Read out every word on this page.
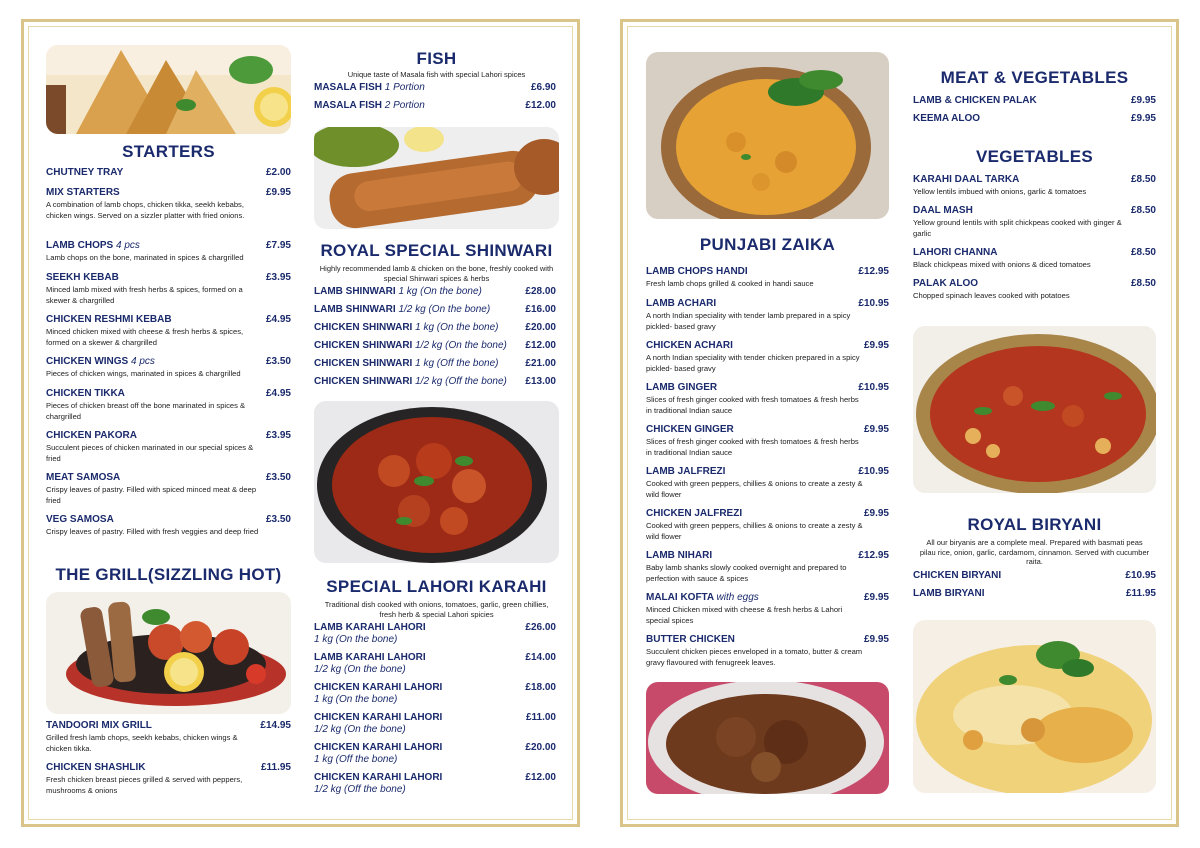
STARTERS
CHUTNEY TRAY	£2.00
MIX STARTERS	£9.95
A combination of lamb chops, chicken tikka, seekh kebabs, chicken wings. Served on a sizzler platter with fried onions.
LAMB CHOPS 4 pcs	£7.95
Lamb chops on the bone, marinated in spices & chargrilled
SEEKH KEBAB	£3.95
Minced lamb mixed with fresh herbs & spices, formed on a skewer & chargrilled
CHICKEN RESHMI KEBAB	£4.95
Minced chicken mixed with cheese & fresh herbs & spices, formed on a skewer & chargrilled
CHICKEN WINGS 4 pcs	£3.50
Pieces of chicken wings, marinated in spices & chargrilled
CHICKEN TIKKA	£4.95
Pieces of chicken breast off the bone marinated in spices & chargrilled
CHICKEN PAKORA	£3.95
Succulent pieces of chicken marinated in our special spices & fried
MEAT SAMOSA	£3.50
Crispy leaves of pastry. Filled with spiced minced meat & deep fried
VEG SAMOSA	£3.50
Crispy leaves of pastry. Filled with fresh veggies and deep fried
THE GRILL(SIZZLING HOT)
TANDOORI MIX GRILL	£14.95
Grilled fresh lamb chops, seekh kebabs, chicken wings & chicken tikka.
CHICKEN SHASHLIK	£11.95
Fresh chicken breast pieces grilled & served with peppers, mushrooms & onions
FISH
Unique taste of Masala fish with special Lahori spices
MASALA FISH 1 Portion	£6.90
MASALA FISH 2 Portion	£12.00
ROYAL SPECIAL SHINWARI
Highly recommended lamb & chicken on the bone, freshly cooked with special Shinwari spices & herbs
LAMB SHINWARI 1 kg (On the bone)	£28.00
LAMB SHINWARI 1/2 kg (On the bone)	£16.00
CHICKEN SHINWARI 1 kg (On the bone)	£20.00
CHICKEN SHINWARI 1/2 kg (On the bone) £12.00
CHICKEN SHINWARI 1 kg (Off the bone)	£21.00
CHICKEN SHINWARI 1/2 kg (Off the bone) £13.00
SPECIAL LAHORI KARAHI
Traditional dish cooked with onions, tomatoes, garlic, green chillies, fresh herb & special Lahori spicies
LAMB KARAHI LAHORI	£26.00
1 kg (On the bone)
LAMB KARAHI LAHORI	£14.00
1/2 kg (On the bone)
CHICKEN KARAHI LAHORI	£18.00
1 kg (On the bone)
CHICKEN KARAHI LAHORI	£11.00
1/2 kg (On the bone)
CHICKEN KARAHI LAHORI	£20.00
1 kg (Off the bone)
CHICKEN KARAHI LAHORI	£12.00
1/2 kg (Off the bone)
PUNJABI ZAIKA
LAMB CHOPS HANDI	£12.95
Fresh lamb chops grilled & cooked in handi sauce
LAMB ACHARI	£10.95
A north Indian speciality with tender lamb prepared in a spicy pickled- based gravy
CHICKEN ACHARI	£9.95
A north Indian speciality with tender chicken prepared in a spicy pickled- based gravy
LAMB GINGER	£10.95
Slices of fresh ginger cooked with fresh tomatoes & fresh herbs in traditional Indian sauce
CHICKEN GINGER	£9.95
Slices of fresh ginger cooked with fresh tomatoes & fresh herbs in traditional Indian sauce
LAMB JALFREZI	£10.95
Cooked with green peppers, chillies & onions to create a zesty & wild flower
CHICKEN JALFREZI	£9.95
Cooked with green peppers, chillies & onions to create a zesty & wild flower
LAMB NIHARI	£12.95
Baby lamb shanks slowly cooked overnight and prepared to perfection with sauce & spices
MALAI KOFTA with eggs	£9.95
Minced Chicken mixed with cheese & fresh herbs & Lahori special spices
BUTTER CHICKEN	£9.95
Succulent chicken pieces enveloped in a tomato, butter & cream gravy flavoured with fenugreek leaves.
MEAT & VEGETABLES
LAMB & CHICKEN PALAK	£9.95
KEEMA ALOO	£9.95
VEGETABLES
KARAHI DAAL TARKA	£8.50
Yellow lentils imbued with onions, garlic & tomatoes
DAAL MASH	£8.50
Yellow ground lentils with split chickpeas cooked with ginger & garlic
LAHORI CHANNA	£8.50
Black chickpeas mixed with onions & diced tomatoes
PALAK ALOO	£8.50
Chopped spinach leaves cooked with potatoes
ROYAL BIRYANI
All our biryanis are a complete meal. Prepared with basmati peas pilau rice, onion, garlic, cardamom, cinnamon. Served with cucumber raita.
CHICKEN BIRYANI	£10.95
LAMB BIRYANI	£11.95
